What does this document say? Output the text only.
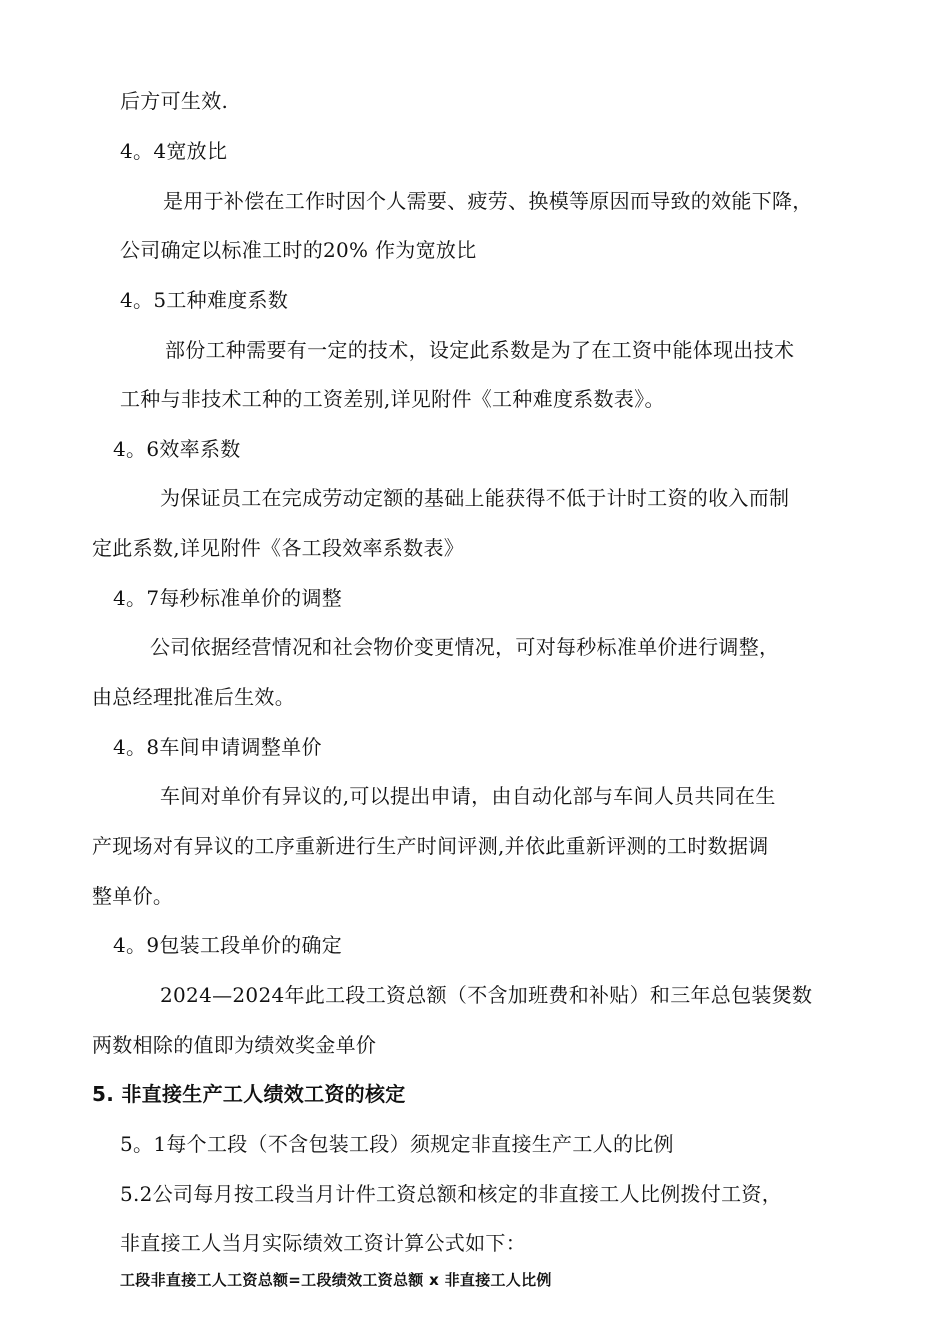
后方可生效.
4。4宽放比
是用于补偿在工作时因个人需要、疲劳、换模等原因而导致的效能下降，
公司确定以标准工时的20% 作为宽放比
4。5工种难度系数
部份工种需要有一定的技术，设定此系数是为了在工资中能体现出技术
工种与非技术工种的工资差别,详见附件《工种难度系数表》。
4。6效率系数
为保证员工在完成劳动定额的基础上能获得不低于计时工资的收入而制
定此系数,详见附件《各工段效率系数表》
4。7每秒标准单价的调整
公司依据经营情况和社会物价变更情况，可对每秒标准单价进行调整，
由总经理批准后生效。
4。8车间申请调整单价
车间对单价有异议的,可以提出申请，由自动化部与车间人员共同在生
产现场对有异议的工序重新进行生产时间评测,并依此重新评测的工时数据调
整单价。
4。9包装工段单价的确定
2024—2024年此工段工资总额（不含加班费和补贴）和三年总包装煲数
两数相除的值即为绩效奖金单价
5. 非直接生产工人绩效工资的核定
5。1每个工段（不含包装工段）须规定非直接生产工人的比例
5.2公司每月按工段当月计件工资总额和核定的非直接工人比例拨付工资，
非直接工人当月实际绩效工资计算公式如下：
工段非直接工人工资总额=工段绩效工资总额 x 非直接工人比例
